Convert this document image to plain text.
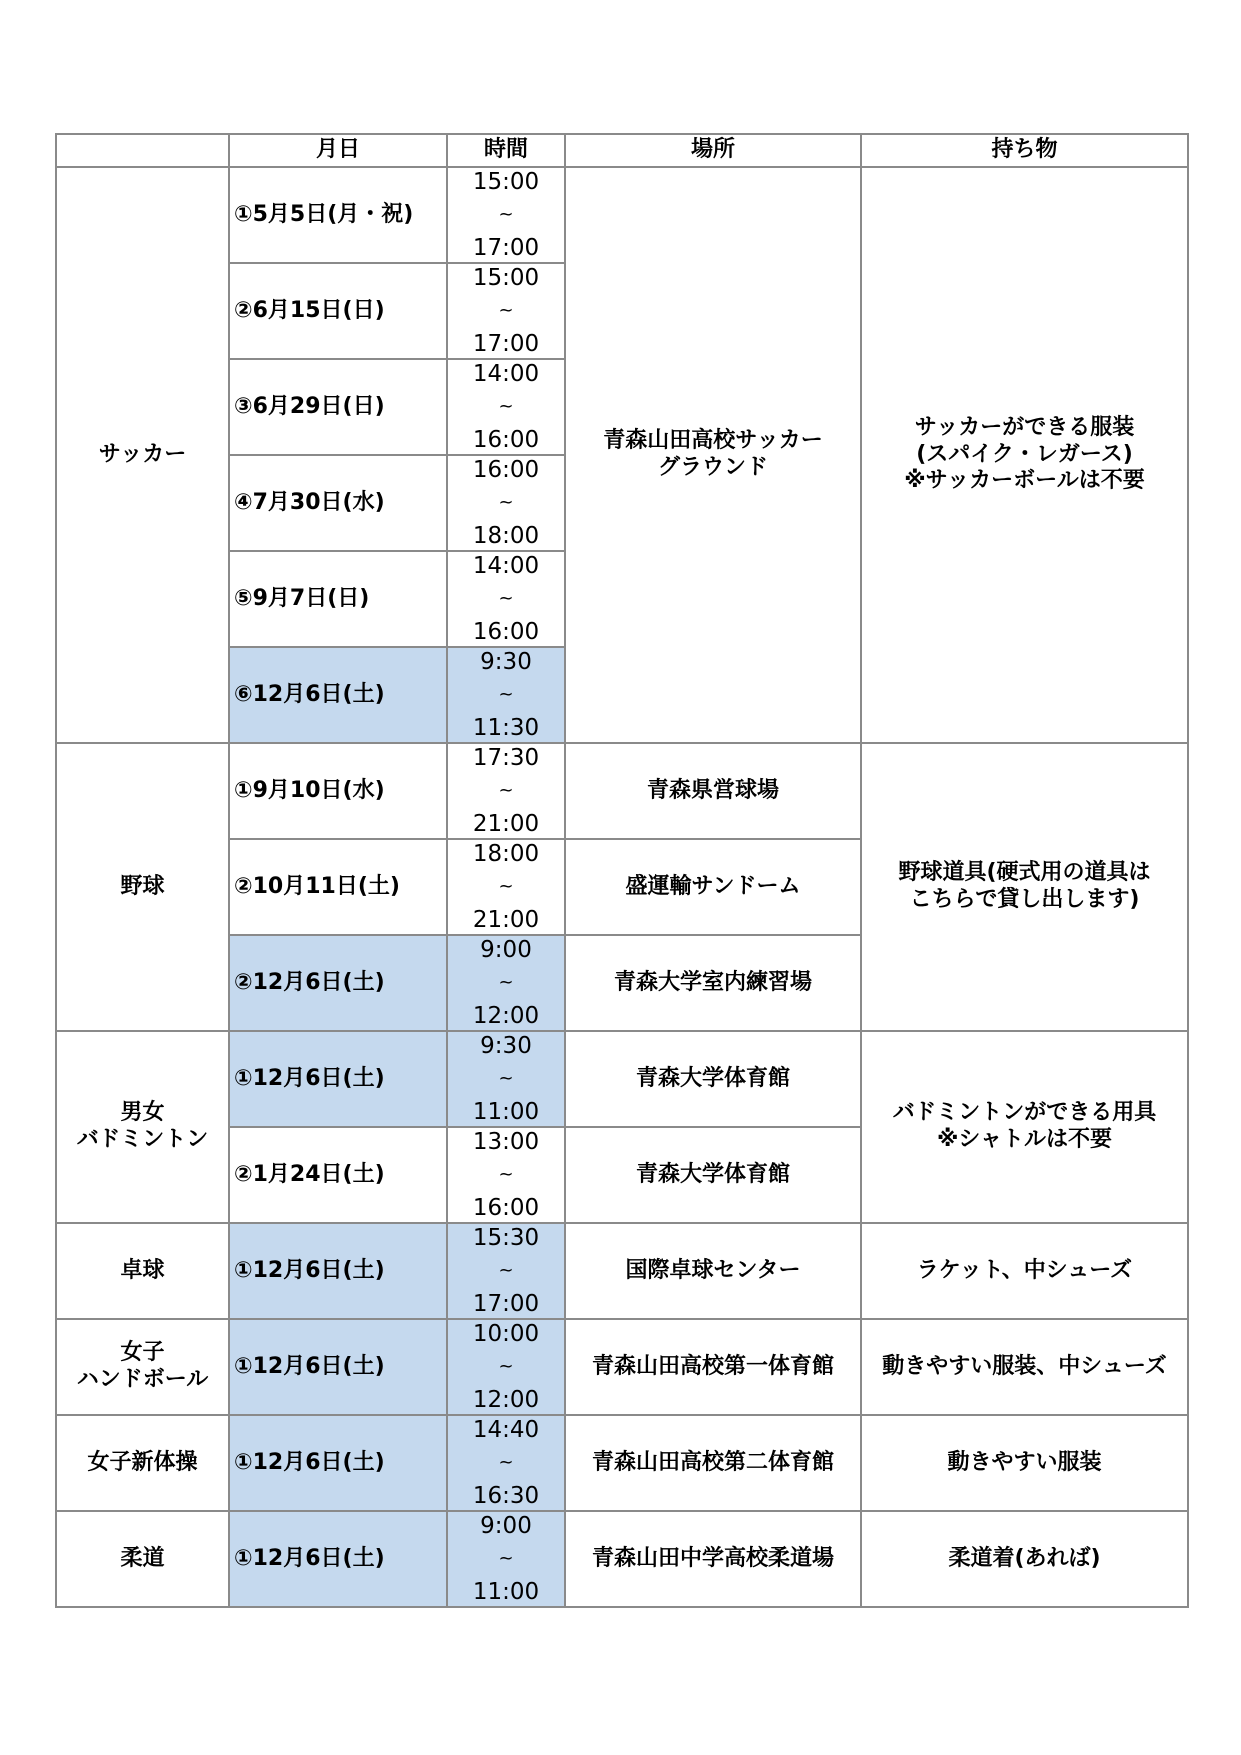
	月日	時間	場所	持ち物
サッカー	①5月5日(月・祝)	15:00
~
17:00	青森山田高校サッカー
グラウンド	サッカーができる服装
(スパイク・レガース)
※サッカーボールは不要
	②6月15日(日)	15:00
~
17:00		

	③6月29日(日)	14:00
~
16:00		

	④7月30日(水)	16:00
~
18:00		

	⑤9月7日(日)	14:00
~
16:00		

	⑥12月6日(土)	9:30
~
11:30		

野球	①9月10日(水)	17:30
~
21:00	青森県営球場	野球道具(硬式用の道具は
こちらで貸し出します)
	②10月11日(土)	18:00
~
21:00	盛運輸サンドーム	
	②12月6日(土)	9:00
~
12:00	青森大学室内練習場	
男女
バドミントン	①12月6日(土)	9:30
~
11:00	青森大学体育館	バドミントンができる用具
※シャトルは不要
	②1月24日(土)	13:00
~
16:00	青森大学体育館	
卓球	①12月6日(土)	15:30
~
17:00	国際卓球センター	ラケット、中シューズ
女子
ハンドボール	①12月6日(土)	10:00
~
12:00	青森山田高校第一体育館	動きやすい服装、中シューズ
女子新体操	①12月6日(土)	14:40
~
16:30	青森山田高校第二体育館	動きやすい服装
柔道	①12月6日(土)	9:00
~
11:00	青森山田中学高校柔道場	柔道着(あれば)
